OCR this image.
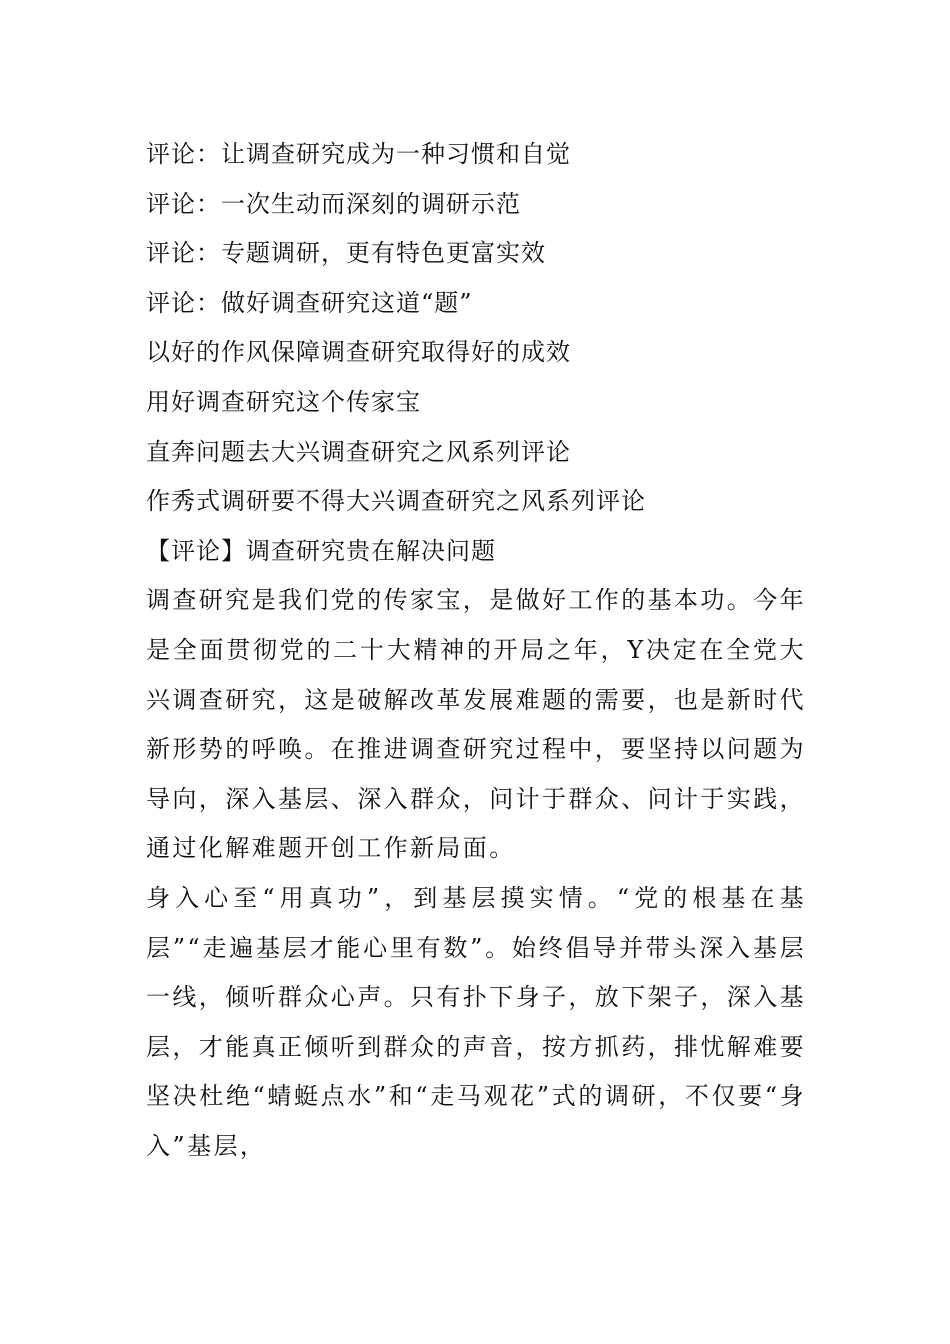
评论：让调查研究成为一种习惯和自觉
评论：一次生动而深刻的调研示范
评论：专题调研，更有特色更富实效
评论：做好调查研究这道“题”
以好的作风保障调查研究取得好的成效
用好调查研究这个传家宝
直奔问题去大兴调查研究之风系列评论
作秀式调研要不得大兴调查研究之风系列评论
【评论】调查研究贵在解决问题

调查研究是我们党的传家宝，是做好工作的基本功。今年是全面贯彻党的二十大精神的开局之年，Y决定在全党大兴调查研究，这是破解改革发展难题的需要，也是新时代新形势的呼唤。在推进调查研究过程中，要坚持以问题为导向，深入基层、深入群众，问计于群众、问计于实践，通过化解难题开创工作新局面。

身入心至“用真功”，到基层摸实情。“党的根基在基层”“走遍基层才能心里有数”。始终倡导并带头深入基层一线，倾听群众心声。只有扑下身子，放下架子，深入基层，才能真正倾听到群众的声音，按方抓药，排忧解难要坚决杜绝“蜻蜓点水”和“走马观花”式的调研，不仅要“身入”基层，
